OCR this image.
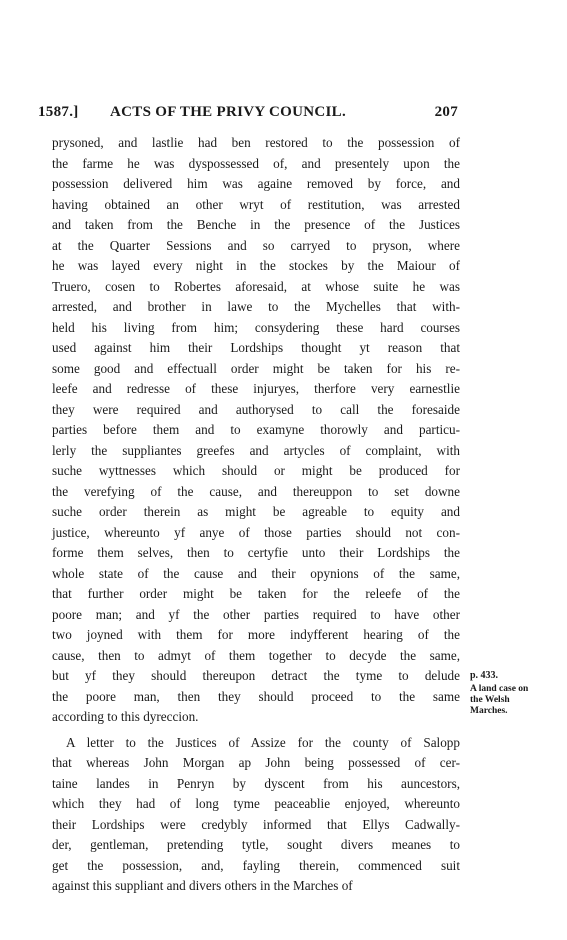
1587.] ACTS OF THE PRIVY COUNCIL.	207

prysoned, and lastlie had ben restored to the possession of
the farme he was dyspossessed of, and presentely upon the
possession delivered him was againe removed by force, and
having obtained an other wryt of restitution, was arrested
and taken from the Benche in the presence of the Justices
at the Quarter Sessions and so carryed to pryson, where
he was layed every night in the stockes by the Maiour of
Truero, cosen to Robertes aforesaid, at whose suite he was
arrested, and brother in lawe to the Mychelles that with-
held his living from him; consydering these hard courses
used against him their Lordships thought yt reason that
some good and effectuall order might be taken for his re-
leefe and redresse of these injuryes, therfore very earnestlie
they were required and authorysed to call the foresaide
parties before them and to examyne thorowly and particu-
lerly the suppliantes greefes and artycles of complaint, with
suche wyttnesses which should or might be produced for
the verefying of the cause, and thereuppon to set downe
suche order therein as might be agreable to equity and
justice, whereunto yf anye of those parties should not con-
forme them selves, then to certyfie unto their Lordships the
whole state of the cause and their opynions of the same,
that further order might be taken for the releefe of the
poore man; and yf the other parties required to have other
two joyned with them for more indyfferent hearing of the
cause, then to admyt of them together to decyde the same,
but yf they should thereupon detract the tyme to delude
the poore man, then they should proceed to the same
according to this dyreccion.
A letter to the Justices of Assize for the county of Salopp
that whereas John Morgan ap John being possessed of cer-
taine landes in Penryn by dyscent from his auncestors,
which they had of long tyme peaceablie enjoyed, whereunto
their Lordships were credybly informed that Ellys Cadwally-
der, gentleman, pretending tytle, sought divers meanes to
get the possession, and, fayling therein, commenced suit
against this suppliant and divers others in the Marches of
p. 433.
A land case on
the Welsh
Marches.
